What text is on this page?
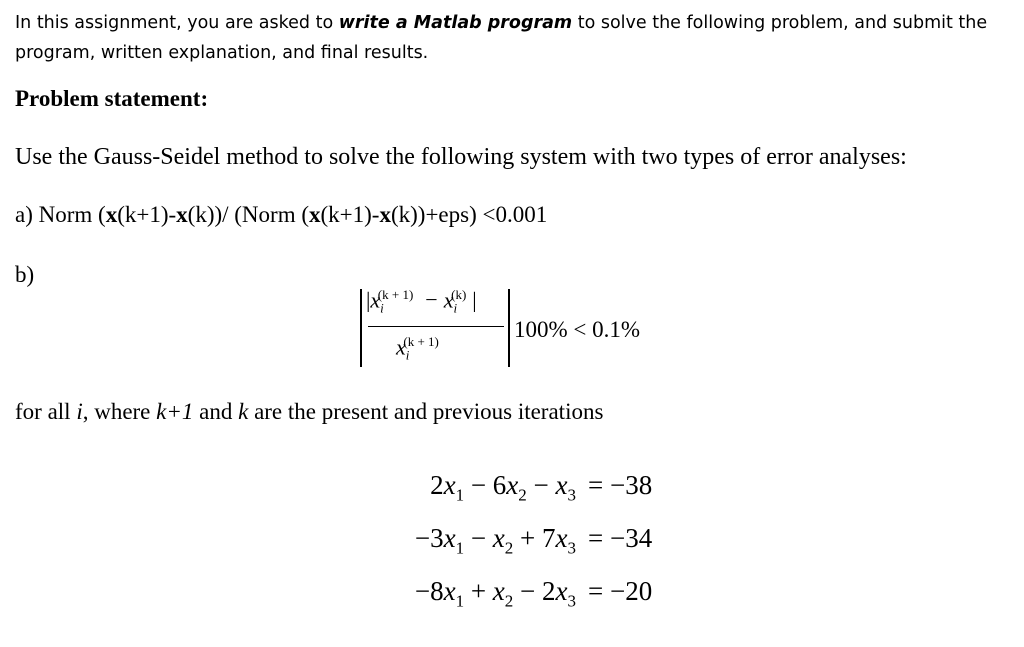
In this assignment, you are asked to write a Matlab program to solve the following problem, and submit the program, written explanation, and final results.
Problem statement:
Use the Gauss-Seidel method to solve the following system with two types of error analyses:
a) Norm (x(k+1)-x(k))/ (Norm (x(k+1)-x(k))+eps) <0.001
b)
$|x_i^{(k + 1)} - x_i^{(k)}$ |
$x_i^{(k + 1)}$	100% < 0.1%
for all i, where k+1 and k are the present and previous iterations
$2x_1 - 6x_2 - x_3 = -38$
$-3x_1 - x_2 + 7x_3 = -34$
$-8x_1 + x_2 - 2x_3 = -20$
